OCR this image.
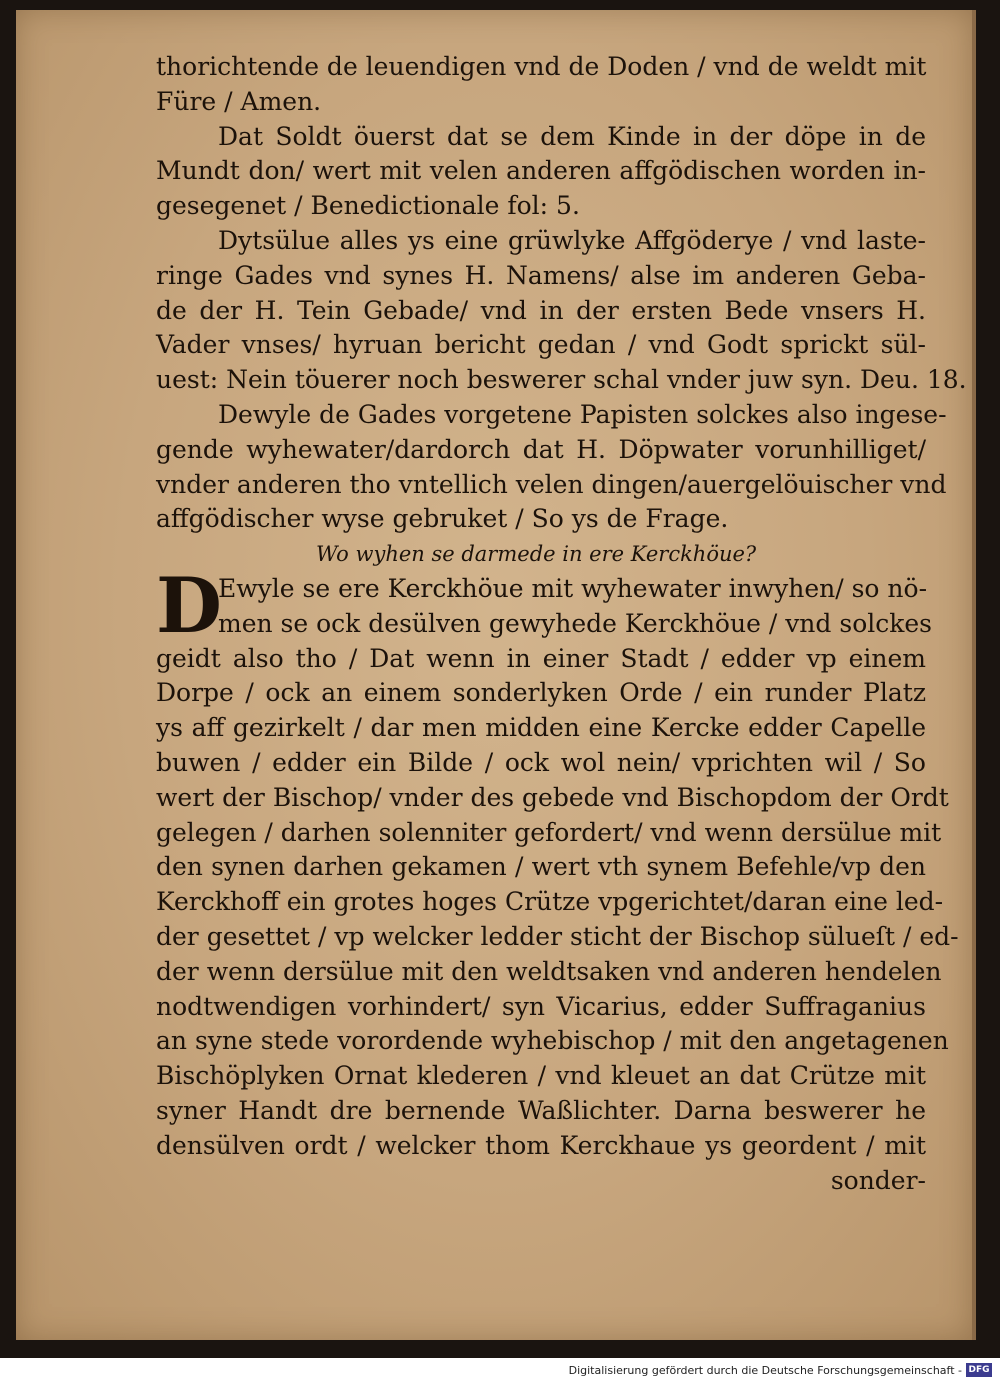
thorichtende de leuendigen vnd de Doden / vnd de weldt mit
Füre / Amen.
Dat Soldt öuerst dat se dem Kinde in der döpe in de
Mundt don/ wert mit velen anderen affgödischen worden in-
gesegenet / Benedictionale fol: 5.
Dytsülue alles ys eine grüwlyke Affgöderye / vnd laste-
ringe Gades vnd synes H. Namens/ alse im anderen Geba-
de der H. Tein Gebade/ vnd in der ersten Bede vnsers H.
Vader vnses/ hyruan bericht gedan / vnd Godt sprickt sül-
uest: Nein töuerer noch beswerer schal vnder juw syn. Deu. 18.
Dewyle de Gades vorgetene Papisten solckes also ingese-
gende wyhewater/dardorch dat H. Döpwater vorunhilliget/
vnder anderen tho vntellich velen dingen/auergelöuischer vnd
affgödischer wyse gebruket / So ys de Frage.
Wo wyhen se darmede in ere Kerckhöue?
D
Ewyle se ere Kerckhöue mit wyhewater inwyhen/ so nö-
men se ock desülven gewyhede Kerckhöue / vnd solckes
geidt also tho / Dat wenn in einer Stadt / edder vp einem
Dorpe / ock an einem sonderlyken Orde / ein runder Platz
ys aff gezirkelt / dar men midden eine Kercke edder Capelle
buwen / edder ein Bilde / ock wol nein/ vprichten wil / So
wert der Bischop/ vnder des gebede vnd Bischopdom der Ordt
gelegen / darhen solenniter gefordert/ vnd wenn dersülue mit
den synen darhen gekamen / wert vth synem Befehle/vp den
Kerckhoff ein grotes hoges Crütze vpgerichtet/daran eine led-
der gesettet / vp welcker ledder sticht der Bischop sülueſt / ed-
der wenn dersülue mit den weldtsaken vnd anderen hendelen
nodtwendigen vorhindert/ syn Vicarius, edder Suffraganius
an syne stede vorordende wyhebischop / mit den angetagenen
Bischöplyken Ornat klederen / vnd kleuet an dat Crütze mit
syner Handt dre bernende Waßlichter. Darna beswerer he
densülven ordt / welcker thom Kerckhaue ys geordent / mit
sonder-
Digitalisierung gefördert durch die Deutsche Forschungsgemeinschaft - DFG
